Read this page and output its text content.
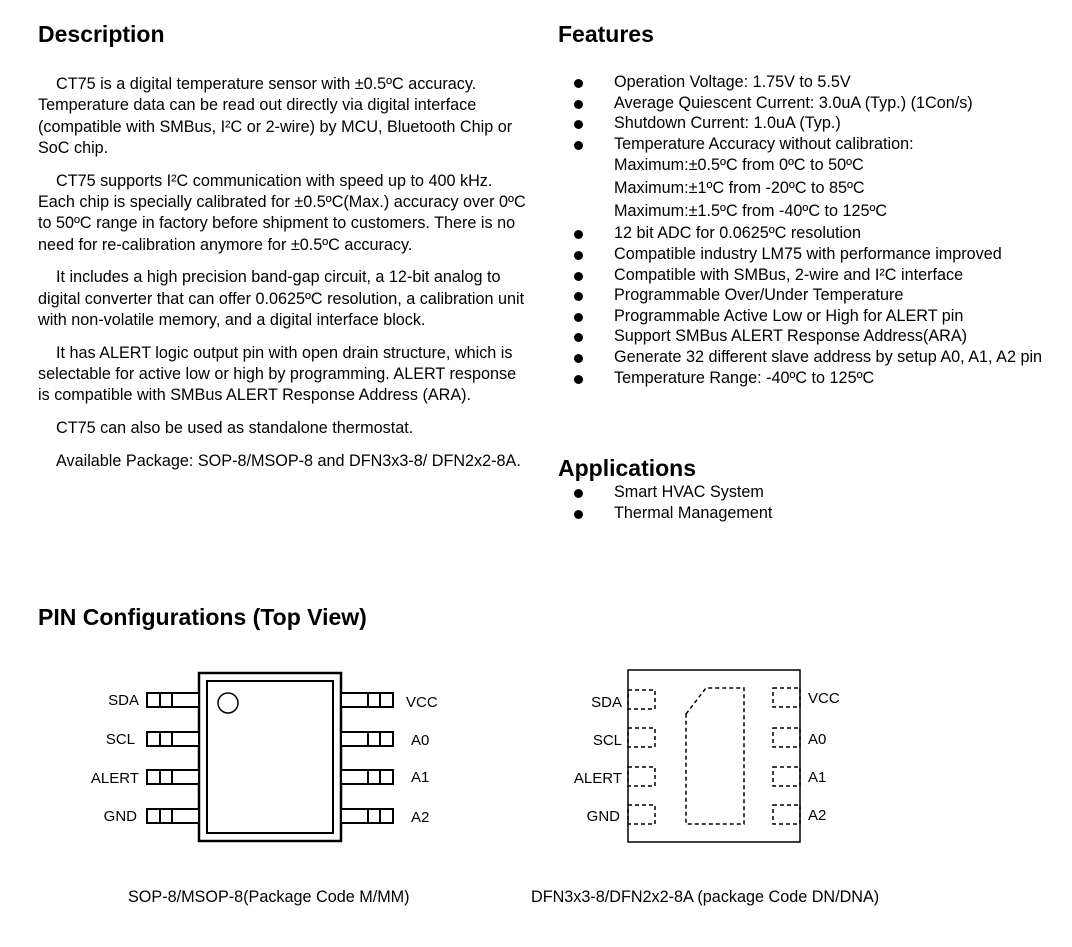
Description

CT75 is a digital temperature sensor with ±0.5ºC accuracy. Temperature data can be read out directly via digital interface (compatible with SMBus, I²C or 2-wire) by MCU, Bluetooth Chip or SoC chip.

CT75 supports I²C communication with speed up to 400 kHz. Each chip is specially calibrated for ±0.5ºC(Max.) accuracy over 0ºC to 50ºC range in factory before shipment to customers. There is no need for re-calibration anymore for ±0.5ºC accuracy.

It includes a high precision band-gap circuit, a 12-bit analog to digital converter that can offer 0.0625ºC resolution, a calibration unit with non-volatile memory, and a digital interface block.

It has ALERT logic output pin with open drain structure, which is selectable for active low or high by programming. ALERT response is compatible with SMBus ALERT Response Address (ARA).

CT75 can also be used as standalone thermostat.

Available Package: SOP-8/MSOP-8 and DFN3x3-8/ DFN2x2-8A.

Features
Operation Voltage: 1.75V to 5.5V
Average Quiescent Current: 3.0uA (Typ.) (1Con/s)
Shutdown Current: 1.0uA (Typ.)
Temperature Accuracy without calibration:
Maximum:±0.5ºC from 0ºC to 50ºC
Maximum:±1ºC from -20ºC to 85ºC
Maximum:±1.5ºC from -40ºC to 125ºC
12 bit ADC for 0.0625ºC resolution
Compatible industry LM75 with performance improved
Compatible with SMBus, 2-wire and I²C interface
Programmable Over/Under Temperature
Programmable Active Low or High for ALERT pin
Support SMBus ALERT Response Address(ARA)
Generate 32 different slave address by setup A0, A1, A2 pin
Temperature Range: -40ºC to 125ºC
Applications
Smart HVAC System
Thermal Management
PIN Configurations (Top View)
SDA
SCL
ALERT
GND
VCC
A0
A1
A2
SDA
SCL
ALERT
GND
VCC
A0
A1
A2
SOP-8/MSOP-8(Package Code M/MM)	DFN3x3-8/DFN2x2-8A (package Code DN/DNA)
